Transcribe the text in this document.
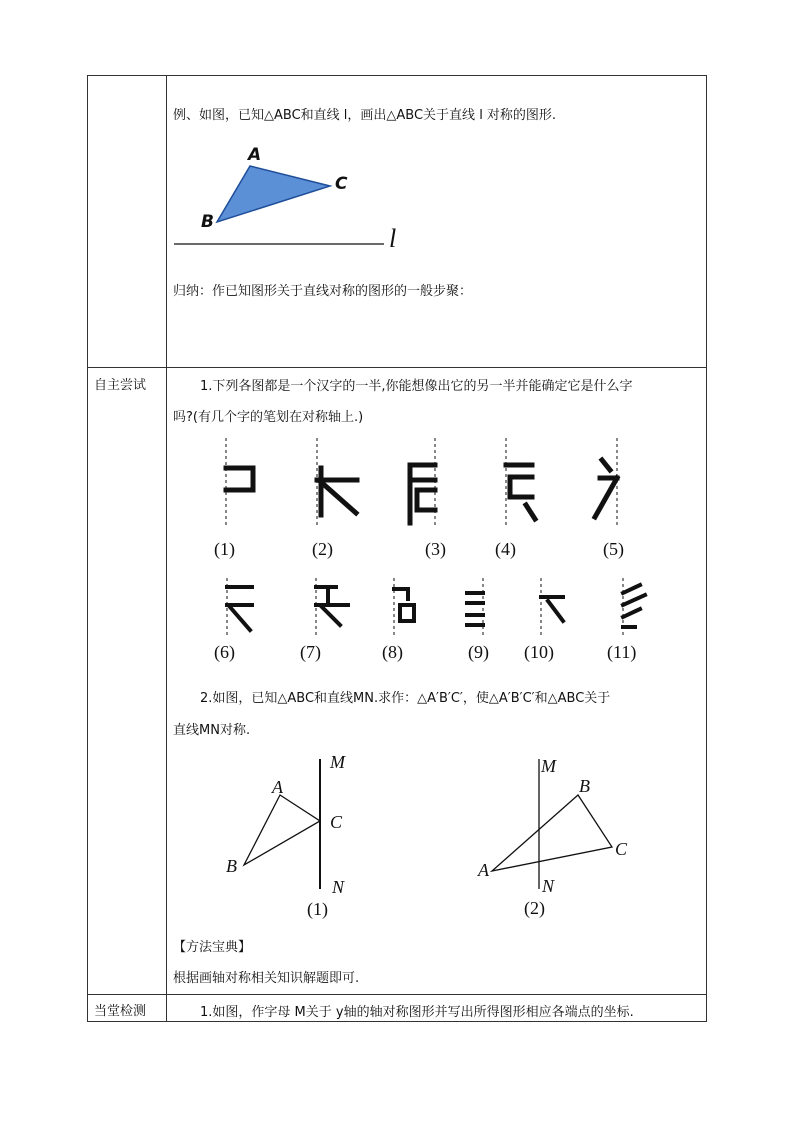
例、如图，已知△ABC和直线 l，画出△ABC关于直线 l 对称的图形.
A
C
B
l
归纳：作已知图形关于直线对称的图形的一般步聚：
自主尝试	1.下列各图都是一个汉字的一半,你能想像出它的另一半并能确定它是什么字
吗?(有几个字的笔划在对称轴上.)
(1)	(2)	(3)	(4)	(5)
(6)	(7)	(8)	(9) (10)	(11)
2.如图，已知△ABC和直线MN.求作：△A′B′C′，使△A′B′C′和△ABC关于
直线MN对称.
M
A
C
B
N
(1)
M
B
C
A
N
(2)
【方法宝典】
根据画轴对称相关知识解题即可.
当堂检测	1.如图，作字母 M关于 y轴的轴对称图形并写出所得图形相应各端点的坐标.
